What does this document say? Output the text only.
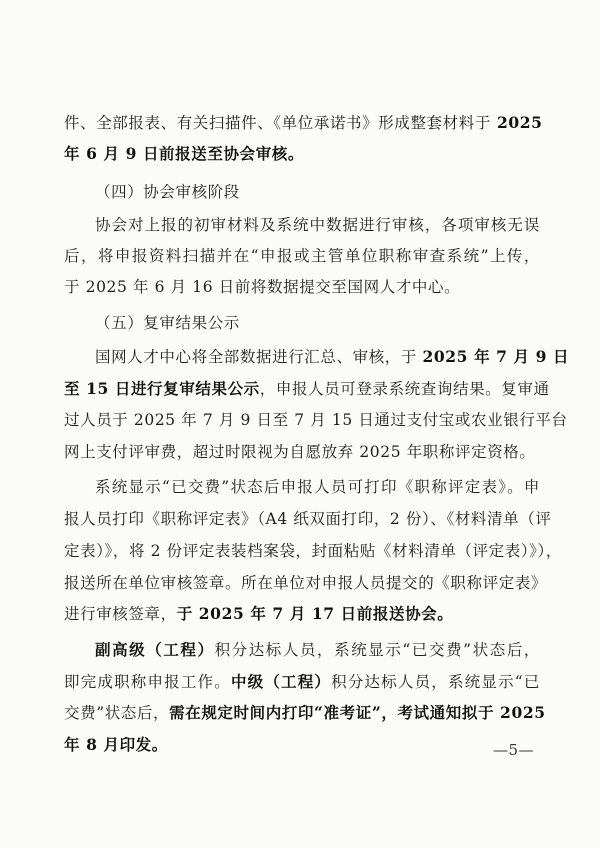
件、全部报表、有关扫描件、《单位承诺书》形成整套材料于 2025
年 6 月 9 日前报送至协会审核。
（四）协会审核阶段
协会对上报的初审材料及系统中数据进行审核，各项审核无误
后，将申报资料扫描并在“申报或主管单位职称审查系统”上传，
于 2025 年 6 月 16 日前将数据提交至国网人才中心。
（五）复审结果公示
国网人才中心将全部数据进行汇总、审核，于 2025 年 7 月 9 日
至 15 日进行复审结果公示，申报人员可登录系统查询结果。复审通
过人员于 2025 年 7 月 9 日至 7 月 15 日通过支付宝或农业银行平台
网上支付评审费，超过时限视为自愿放弃 2025 年职称评定资格。
系统显示“已交费”状态后申报人员可打印《职称评定表》。申
报人员打印《职称评定表》（A4 纸双面打印，2 份）、《材料清单（评
定表）》，将 2 份评定表装档案袋，封面粘贴《材料清单（评定表）》），
报送所在单位审核签章。所在单位对申报人员提交的《职称评定表》
进行审核签章，于 2025 年 7 月 17 日前报送协会。
副高级（工程）积分达标人员，系统显示“已交费”状态后，
即完成职称申报工作。中级（工程）积分达标人员，系统显示“已
交费”状态后，需在规定时间内打印“准考证”，考试通知拟于 2025
年 8 月印发。	—5—
